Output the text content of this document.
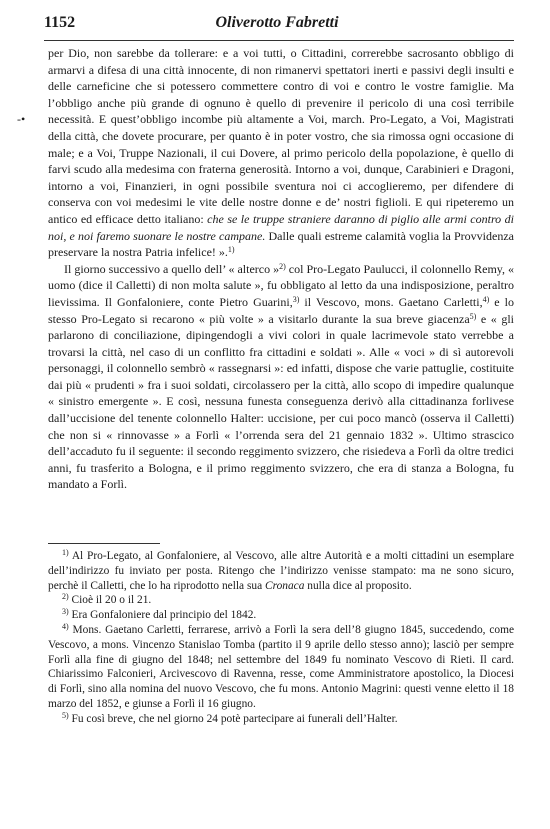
1152	Oliverotto Fabretti
-•

per Dio, non sarebbe da tollerare: e a voi tutti, o Cittadini, correrebbe sacrosanto obbligo di armarvi a difesa di una città innocente, di non rimanervi spettatori inerti e passivi degli insulti e delle carneficine che si potessero commettere contro di voi e contro le vostre famiglie. Ma l’obbligo anche più grande di ognuno è quello di prevenire il pericolo di una così terribile necessità. E quest’obbligo incombe più altamente a Voi, march. Pro-Legato, a Voi, Magistrati della città, che dovete procurare, per quanto è in poter vostro, che sia rimossa ogni occasione di male; e a Voi, Truppe Nazionali, il cui Dovere, al primo pericolo della popolazione, è quello di farvi scudo alla medesima con fraterna generosità. Intorno a voi, dunque, Carabinieri e Dragoni, intorno a voi, Finanzieri, in ogni possibile sventura noi ci accoglieremo, per difendere di conserva con voi medesimi le vite delle nostre donne e de’ nostri figlioli. E qui ripeteremo un antico ed efficace detto italiano: che se le truppe straniere daranno di piglio alle armi contro di noi, e noi faremo suonare le nostre campane. Dalle quali estreme calamità voglia la Provvidenza preservare la nostra Patria infelice! ».$^{1)}$

Il giorno successivo a quello dell’ « alterco »$^{2)}$ col Pro-Legato Paulucci, il colonnello Remy, « uomo (dice il Calletti) di non molta salute », fu obbligato al letto da una indisposizione, peraltro lievissima. Il Gonfaloniere, conte Pietro Guarini,$^{3)}$ il Vescovo, mons. Gaetano Carletti,$^{4)}$ e lo stesso Pro-Legato si recarono « più volte » a visitarlo durante la sua breve giacenza$^{5)}$ e « gli parlarono di conciliazione, dipingendogli a vivi colori in quale lacrimevole stato verrebbe a trovarsi la città, nel caso di un conflitto fra cittadini e soldati ». Alle « voci » di sì autorevoli personaggi, il colonnello sembrò « rassegnarsi »: ed infatti, dispose che varie pattuglie, costituite dai più « prudenti » fra i suoi soldati, circolassero per la città, allo scopo di impedire qualunque « sinistro emergente ». E così, nessuna funesta conseguenza derivò alla cittadinanza forlivese dall’uccisione del tenente colonnello Halter: uccisione, per cui poco mancò (osserva il Calletti) che non si « rinnovasse » a Forlì « l’orrenda sera del 21 gennaio 1832 ». Ultimo strascico dell’accaduto fu il seguente: il secondo reggimento svizzero, che risiedeva a Forlì da oltre tredici anni, fu trasferito a Bologna, e il primo reggimento svizzero, che era di stanza a Bologna, fu mandato a Forlì.

$^{1)}$ Al Pro-Legato, al Gonfaloniere, al Vescovo, alle altre Autorità e a molti cittadini un esemplare dell’indirizzo fu inviato per posta. Ritengo che l’indirizzo venisse stampato: ma ne sono sicuro, perchè il Calletti, che lo ha riprodotto nella sua Cronaca nulla dice al proposito.

$^{2)}$ Cioè il 20 o il 21.

$^{3)}$ Era Gonfaloniere dal principio del 1842.

$^{4)}$ Mons. Gaetano Carletti, ferrarese, arrivò a Forlì la sera dell’8 giugno 1845, succedendo, come Vescovo, a mons. Vincenzo Stanislao Tomba (partito il 9 aprile dello stesso anno); lasciò per sempre Forlì alla fine di giugno del 1848; nel settembre del 1849 fu nominato Vescovo di Rieti. Il card. Chiarissimo Falconieri, Arcivescovo di Ravenna, resse, come Amministratore apostolico, la Diocesi di Forlì, sino alla nomina del nuovo Vescovo, che fu mons. Antonio Magrini: questi venne eletto il 18 marzo del 1852, e giunse a Forlì il 16 giugno.

$^{5)}$ Fu così breve, che nel giorno 24 potè partecipare ai funerali dell’Halter.
